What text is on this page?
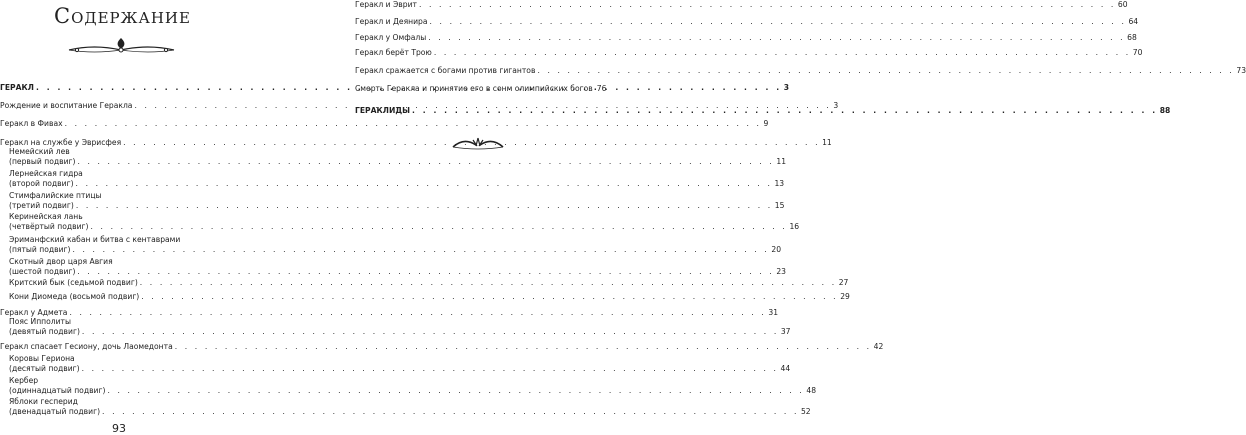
Содержание
ГЕРАКЛ . . .	3
Рождение и воспитание Геракла . . .	3
Геракл в Фивах . . .	9
Геракл на службе у Эврисфея . . .	11
Немейский лев
(первый подвиг) . . .	11
Лернейская гидра
(второй подвиг) . . .	13
Стимфалийские птицы
(третий подвиг) . . .	15
Керинейская лань
(четвёртый подвиг) . . .	16
Эриманфский кабан и битва с кентаврами
(пятый подвиг) . . .	20
Скотный двор царя Авгия
(шестой подвиг) . . .	23
Критский бык (седьмой подвиг) . . .	27
Кони Диомеда (восьмой подвиг) . . .	29
Геракл у Адмета . . .	31
Пояс Ипполиты
(девятый подвиг) . . .	37
Геракл спасает Гесиону, дочь Лаомедонта . . .	42
Коровы Гериона
(десятый подвиг) . . .	44
Кербер
(одиннадцатый подвиг) . . .	48
Яблоки гесперид
(двенадцатый подвиг) . . .	52
Геракл и Эврит . . .	60
Геракл и Деянира . . .	64
Геракл у Омфалы . . .	68
Геракл берёт Трою . . .	70
Геракл сражается с богами против гигантов . . .	73
Смерть Геракла и принятие его в сонм олимпийских богов 76
ГЕРАКЛИДЫ . . .	88
93
